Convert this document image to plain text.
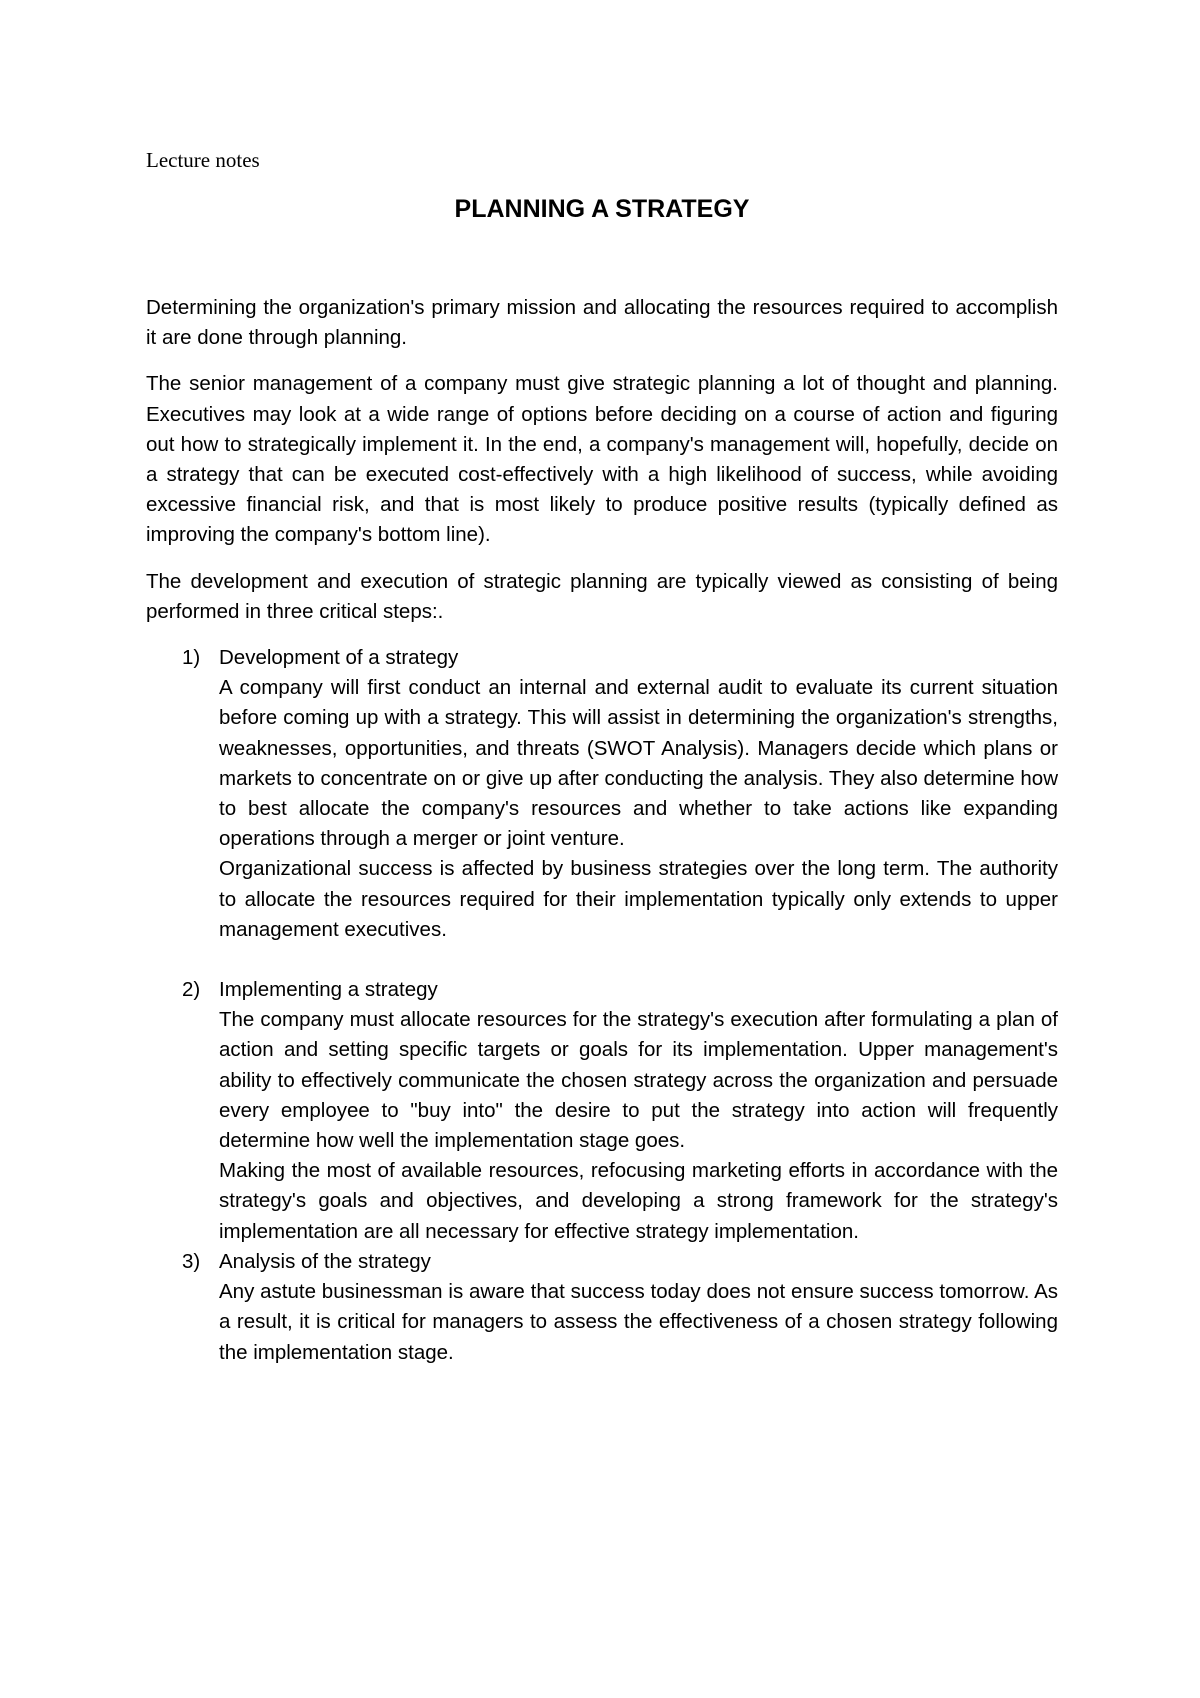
Lecture notes

PLANNING A STRATEGY

Determining the organization's primary mission and allocating the resources required to accomplish it are done through planning.

The senior management of a company must give strategic planning a lot of thought and planning. Executives may look at a wide range of options before deciding on a course of action and figuring out how to strategically implement it. In the end, a company's management will, hopefully, decide on a strategy that can be executed cost-effectively with a high likelihood of success, while avoiding excessive financial risk, and that is most likely to produce positive results (typically defined as improving the company's bottom line).

The development and execution of strategic planning are typically viewed as consisting of being performed in three critical steps:.

1) Development of a strategy

A company will first conduct an internal and external audit to evaluate its current situation before coming up with a strategy. This will assist in determining the organization's strengths, weaknesses, opportunities, and threats (SWOT Analysis). Managers decide which plans or markets to concentrate on or give up after conducting the analysis. They also determine how to best allocate the company's resources and whether to take actions like expanding operations through a merger or joint venture.

Organizational success is affected by business strategies over the long term. The authority to allocate the resources required for their implementation typically only extends to upper management executives.

2) Implementing a strategy

The company must allocate resources for the strategy's execution after formulating a plan of action and setting specific targets or goals for its implementation. Upper management's ability to effectively communicate the chosen strategy across the organization and persuade every employee to "buy into" the desire to put the strategy into action will frequently determine how well the implementation stage goes.

Making the most of available resources, refocusing marketing efforts in accordance with the strategy's goals and objectives, and developing a strong framework for the strategy's implementation are all necessary for effective strategy implementation.

3) Analysis of the strategy

Any astute businessman is aware that success today does not ensure success tomorrow. As a result, it is critical for managers to assess the effectiveness of a chosen strategy following the implementation stage.
